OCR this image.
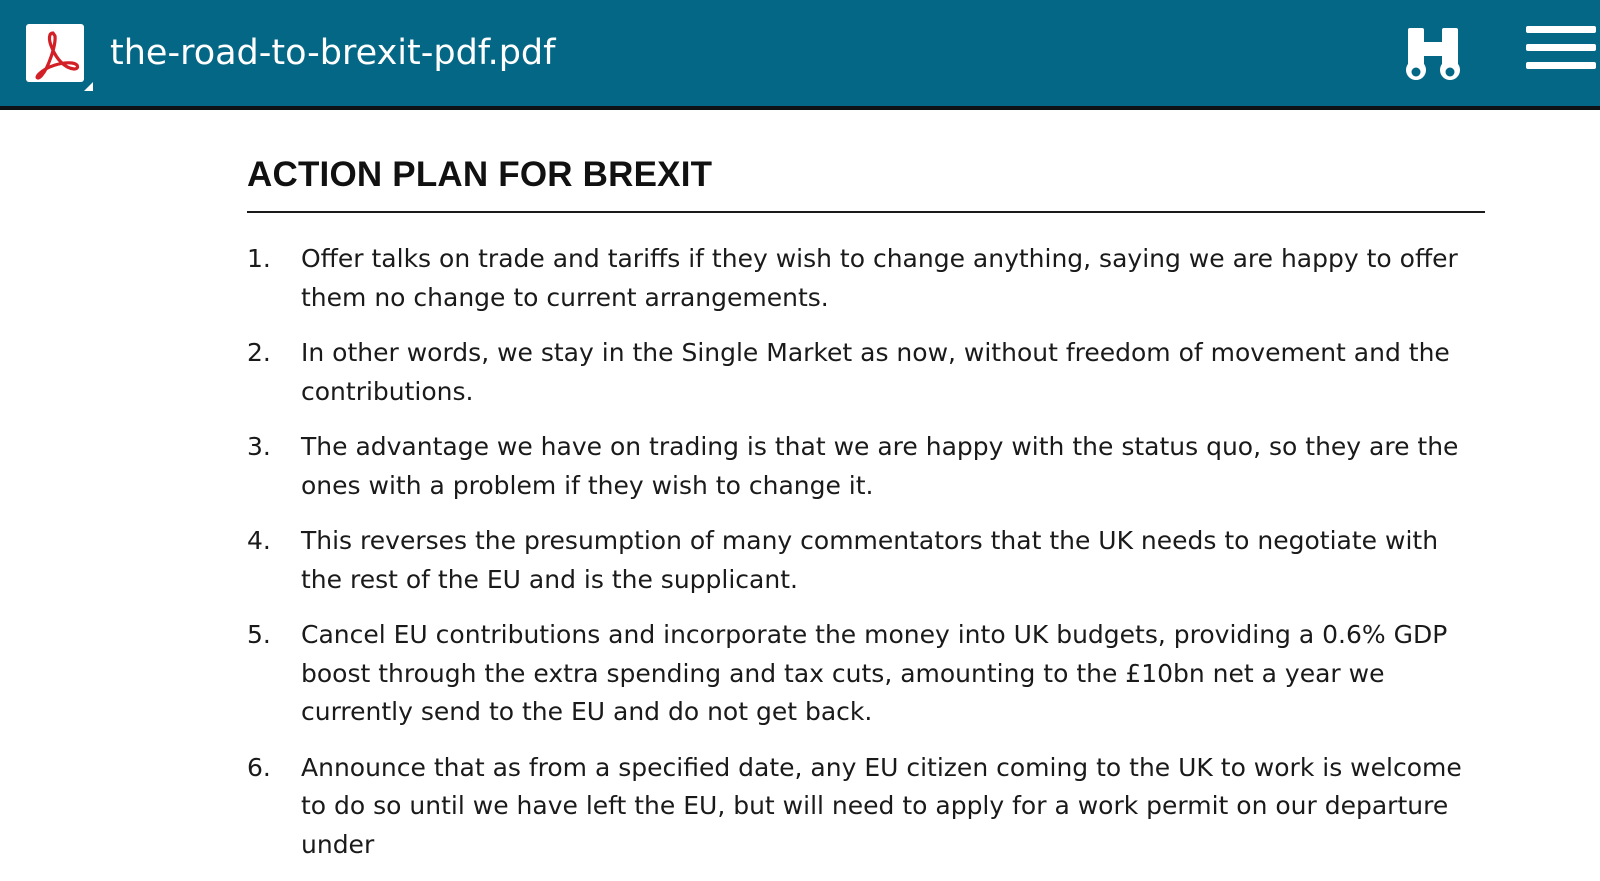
the-road-to-brexit-pdf.pdf
ACTION PLAN FOR BREXIT
1. Offer talks on trade and tariffs if they wish to change anything, saying we are happy to offer them no change to current arrangements.
2. In other words, we stay in the Single Market as now, without freedom of movement and the contributions.
3. The advantage we have on trading is that we are happy with the status quo, so they are the ones with a problem if they wish to change it.
4. This reverses the presumption of many commentators that the UK needs to negotiate with the rest of the EU and is the supplicant.
5. Cancel EU contributions and incorporate the money into UK budgets, providing a 0.6% GDP boost through the extra spending and tax cuts, amounting to the £10bn net a year we currently send to the EU and do not get back.
6. Announce that as from a specified date, any EU citizen coming to the UK to work is welcome to do so until we have left the EU, but will need to apply for a work permit on our departure under
